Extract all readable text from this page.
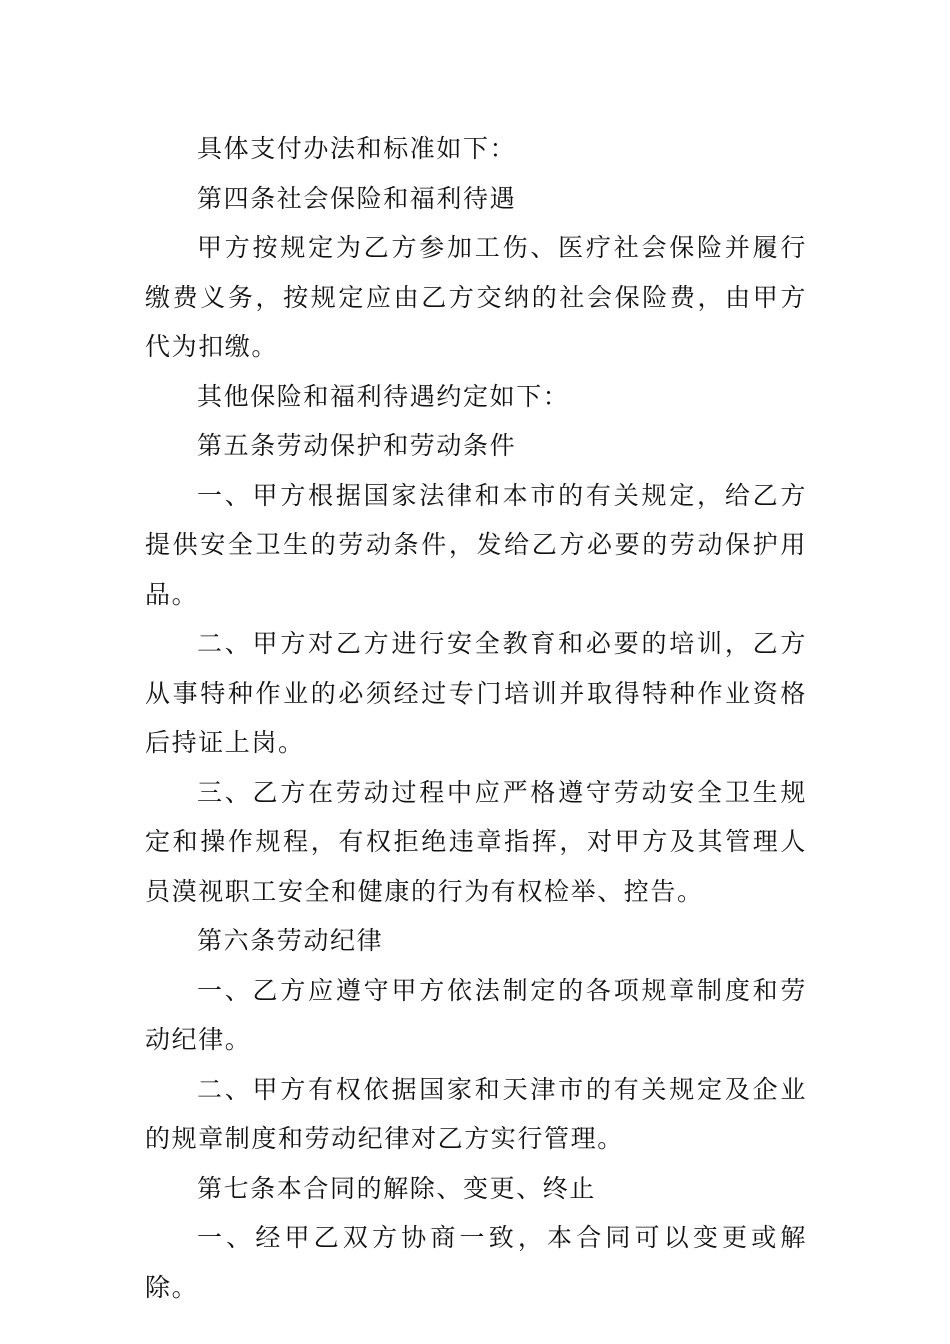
具体支付办法和标准如下：

第四条社会保险和福利待遇

甲方按规定为乙方参加工伤、医疗社会保险并履行缴费义务，按规定应由乙方交纳的社会保险费，由甲方代为扣缴。

其他保险和福利待遇约定如下：

第五条劳动保护和劳动条件

一、甲方根据国家法律和本市的有关规定，给乙方提供安全卫生的劳动条件，发给乙方必要的劳动保护用品。

二、甲方对乙方进行安全教育和必要的培训，乙方从事特种作业的必须经过专门培训并取得特种作业资格后持证上岗。

三、乙方在劳动过程中应严格遵守劳动安全卫生规定和操作规程，有权拒绝违章指挥，对甲方及其管理人员漠视职工安全和健康的行为有权检举、控告。

第六条劳动纪律

一、乙方应遵守甲方依法制定的各项规章制度和劳动纪律。

二、甲方有权依据国家和天津市的有关规定及企业的规章制度和劳动纪律对乙方实行管理。

第七条本合同的解除、变更、终止

一、经甲乙双方协商一致，本合同可以变更或解除。
